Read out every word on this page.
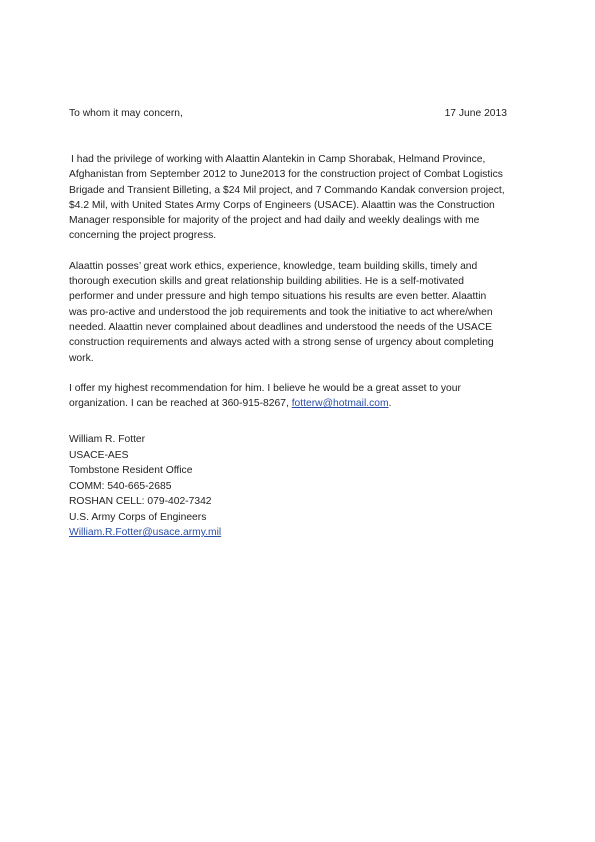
To whom it may concern,	17 June 2013

I had the privilege of working with Alaattin Alantekin in Camp Shorabak, Helmand Province,
Afghanistan from September 2012 to June2013 for the construction project of Combat Logistics
Brigade and Transient Billeting, a $24 Mil project, and 7 Commando Kandak conversion project,
$4.2 Mil, with United States Army Corps of Engineers (USACE). Alaattin was the Construction
Manager responsible for majority of the project and had daily and weekly dealings with me
concerning the project progress.

Alaattin posses’ great work ethics, experience, knowledge, team building skills, timely and
thorough execution skills and great relationship building abilities. He is a self-motivated
performer and under pressure and high tempo situations his results are even better. Alaattin
was pro-active and understood the job requirements and took the initiative to act where/when
needed. Alaattin never complained about deadlines and understood the needs of the USACE
construction requirements and always acted with a strong sense of urgency about completing
work.

I offer my highest recommendation for him. I believe he would be a great asset to your
organization. I can be reached at 360-915-8267, fotterw@hotmail.com.

William R. Fotter
USACE-AES
Tombstone Resident Office
COMM: 540-665-2685
ROSHAN CELL: 079-402-7342
U.S. Army Corps of Engineers
William.R.Fotter@usace.army.mil
